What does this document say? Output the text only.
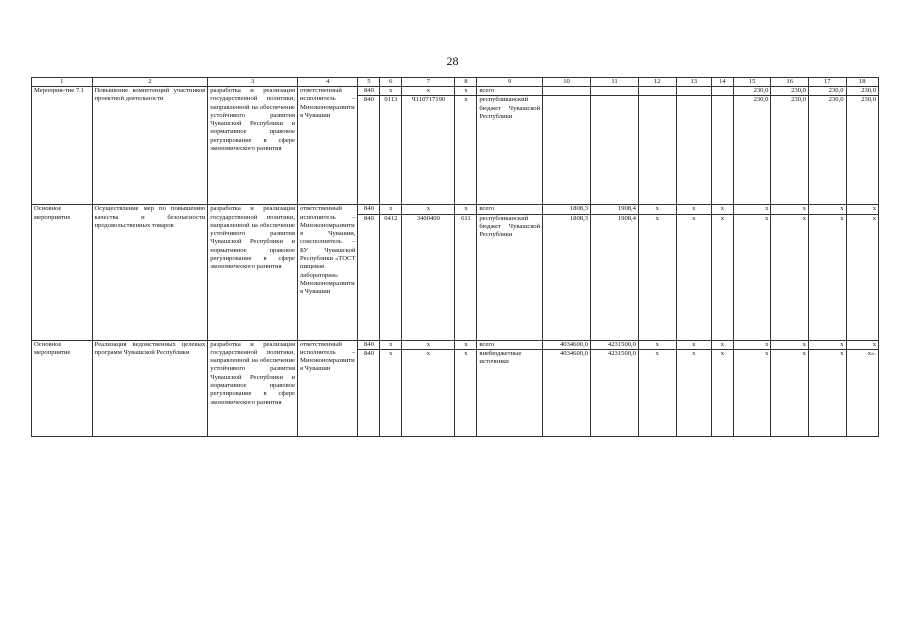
28
1	2	3	4	5	6	7	8	9	10	11	12	13	14	15	16	17	18
Мероприя-тие 7.1	Повышение компетенций участников проектной деятельности	разработка и реализация государственной политики, направленной на обеспечение устойчивого развития Чувашской Республики и нормативное правовое регулирование в сфере экономического развития	ответственный
исполнитель – Минэкономразвития Чувашии	840	x	x	x	всего						230,0	230,0	230,0	230,0
				840	0113	Ч110717190	x	республиканский бюджет Чувашской Республики						230,0	230,0	230,0	230,0
Основное мероприятие	Осуществление мер по повышению качества и безопасности продовольственных товаров	разработка и реализация государственной политики, направленной на обеспечение устойчивого развития Чувашской Республики и нормативное правовое регулирование в сфере экономического развития	ответственный
исполнитель – Минэкономразвития Чувашии, соисполнитель – БУ Чувашской Республики «ТОСТ пищевая лаборатория» Минэкономразвития Чувашии	840	x	x	x	всего	1808,3	1908,4	x	x	x	x	x	x	x
				840	0412	3400400	611	республиканский бюджет Чувашской Республики	1808,3	1908,4	x	x	x	x	x	x	x
Основное мероприятие	Реализация ведомственных целевых программ Чувашской Республики	разработка и реализация государственной политики, направленной на обеспечение устойчивого развития Чувашской Республики и нормативное правовое регулирование в сфере экономического развития	ответственный
исполнитель – Минэкономразвития Чувашии	840	x	x	x	всего	4034600,0	4231500,0	x	x	x	x	x	x	x
				840	x	x	x	внебюджетные источники	4034600,0	4231500,0	x	x	x	x	x	x	x».
